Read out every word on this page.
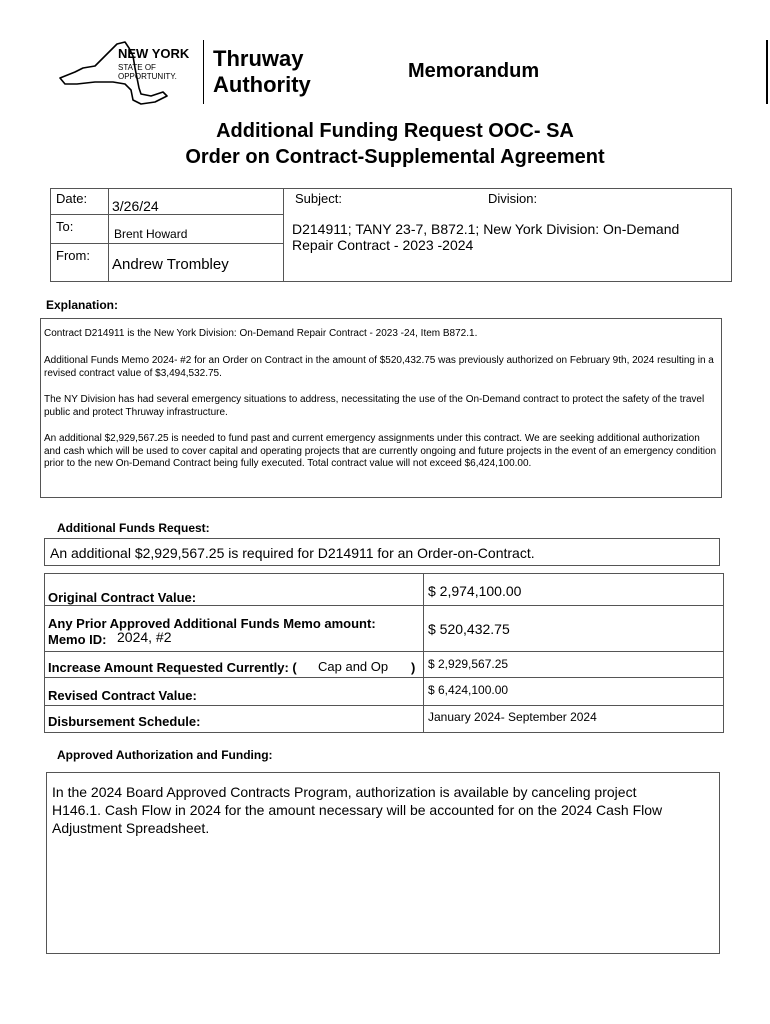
NEW YORK
STATE OF
OPPORTUNITY.
Thruway
Authority
Memorandum
Additional Funding Request OOC- SA
Order on Contract-Supplemental Agreement
Date: 3/26/24
To:	Brent Howard
From:
Andrew Trombley
Subject:	Division:
D214911; TANY 23-7, B872.1; New York Division: On-Demand
Repair Contract - 2023 -2024
Explanation:
Contract D214911 is the New York Division: On-Demand Repair Contract - 2023 -24, Item B872.1.
Additional Funds Memo 2024- #2 for an Order on Contract in the amount of $520,432.75 was previously authorized on February 9th, 2024 resulting in a revised contract value of $3,494,532.75.
The NY Division has had several emergency situations to address, necessitating the use of the On-Demand contract to protect the safety of the travel public and protect Thruway infrastructure.
An additional $2,929,567.25 is needed to fund past and current emergency assignments under this contract. We are seeking additional authorization and cash which will be used to cover capital and operating projects that are currently ongoing and future projects in the event of an emergency condition prior to the new On-Demand Contract being fully executed. Total contract value will not exceed $6,424,100.00.
Additional Funds Request:
An additional $2,929,567.25 is required for D214911 for an Order-on-Contract.
Original Contract Value:	$ 2,974,100.00
Any Prior Approved Additional Funds Memo amount:
Memo ID: 2024, #2	$ 520,432.75
Increase Amount Requested Currently: ( Cap and Op ) $ 2,929,567.25
Revised Contract Value:	$ 6,424,100.00
Disbursement Schedule:	January 2024- September 2024
Approved Authorization and Funding:
In the 2024 Board Approved Contracts Program, authorization is available by canceling project
H146.1. Cash Flow in 2024 for the amount necessary will be accounted for on the 2024 Cash Flow
Adjustment Spreadsheet.
